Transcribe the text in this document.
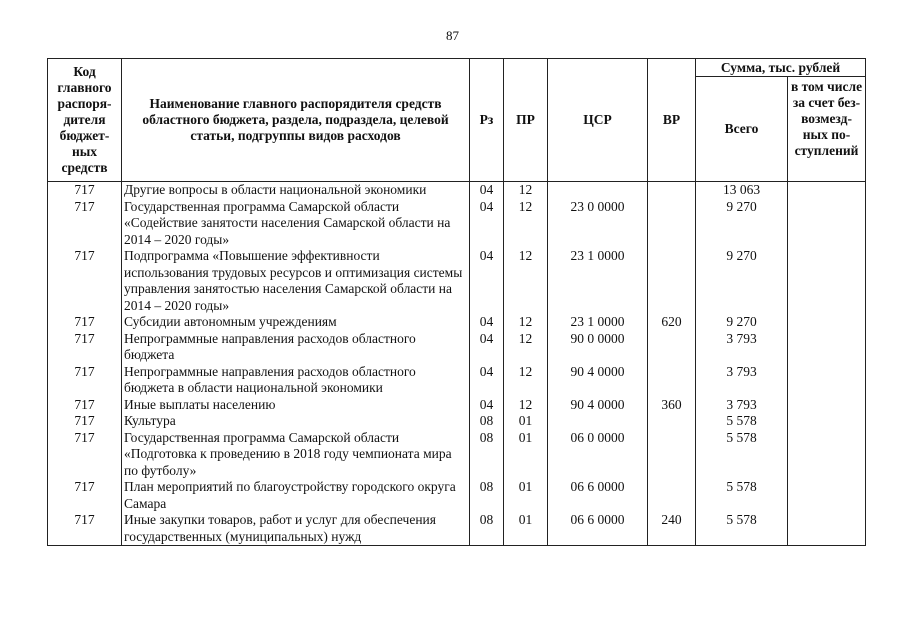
87
Код главного распоря-дителя бюджет-ных средств	Наименование главного распорядителя средств областного бюджета, раздела, подраздела, целевой статьи, подгруппы видов расходов	Рз	ПР	ЦСР	ВР	Сумма, тыс. рублей	
						Всего	в том числе за счет без-возмезд-ных по-ступлений
717	Другие вопросы в области национальной экономики	04	12			13 063	
717	Государственная программа Самарской области «Содействие занятости населения Самарской области на 2014 – 2020 годы»	04	12	23 0 0000		9 270	
717	Подпрограмма «Повышение эффективности использования трудовых ресурсов и оптимизация системы управления занятостью населения Самарской области на 2014 – 2020 годы»	04	12	23 1 0000		9 270	
717	Субсидии автономным учреждениям	04	12	23 1 0000	620	9 270	
717	Непрограммные направления расходов областного бюджета	04	12	90 0 0000		3 793	
717	Непрограммные направления расходов областного бюджета в области национальной экономики	04	12	90 4 0000		3 793	
717	Иные выплаты населению	04	12	90 4 0000	360	3 793	
717	Культура	08	01			5 578	
717	Государственная программа Самарской области «Подготовка к проведению в 2018 году чемпионата мира по футболу»	08	01	06 0 0000		5 578	
717	План мероприятий по благоустройству городского округа Самара	08	01	06 6 0000		5 578	
717	Иные закупки товаров, работ и услуг для обеспечения государственных (муниципальных) нужд	08	01	06 6 0000	240	5 578	
